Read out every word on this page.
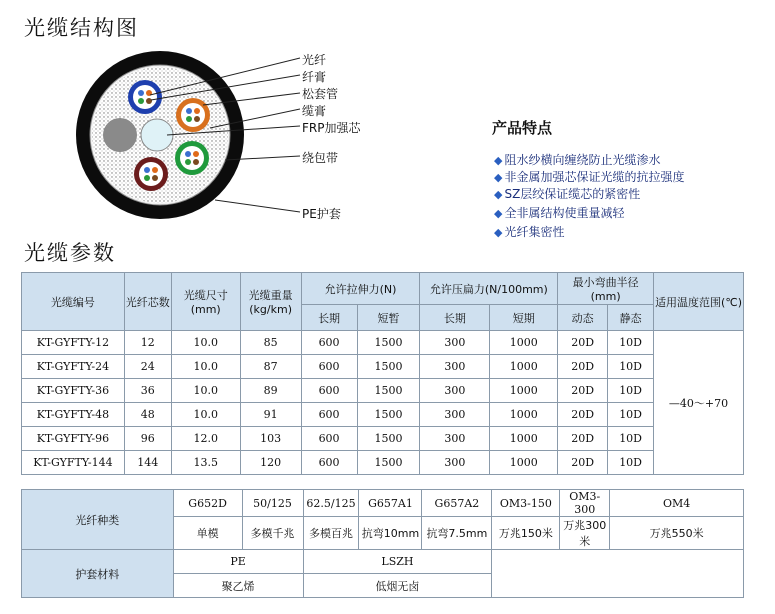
光缆结构图
光纤
纤膏
松套管
缆膏
FRP加强芯
绕包带
PE护套
产品特点
◆ 阻水纱横向缠绕防止光缆渗水
◆ 非金属加强芯保证光缆的抗拉强度
◆ SZ层绞保证缆芯的紧密性
◆ 全非属结构使重量减轻
◆ 光纤集密性
光缆参数
光缆编号	光纤芯数	光缆尺寸(mm)	光缆重量(kg/km)	允许拉伸力(N)		允许压扁力(N/100mm)		最小弯曲半径(mm)		适用温度范围(℃)
				长期	短暂	长期	短期	动态	静态	
KT-GYFTY-12	12	10.0	85	600	1500	300	1000	20D	10D	—40～+70
KT-GYFTY-24	24	10.0	87	600	1500	300	1000	20D	10D	
KT-GYFTY-36	36	10.0	89	600	1500	300	1000	20D	10D	
KT-GYFTY-48	48	10.0	91	600	1500	300	1000	20D	10D	
KT-GYFTY-96	96	12.0	103	600	1500	300	1000	20D	10D	
KT-GYFTY-144	144	13.5	120	600	1500	300	1000	20D	10D	
光纤种类	G652D	50/125	62.5/125	G657A1	G657A2	OM3-150	OM3-300	OM4
	单模	多模千兆	多模百兆	抗弯10mm	抗弯7.5mm	万兆150米	万兆300米	万兆550米
护套材料	PE		LSZH					
	聚乙烯		低烟无卤					
